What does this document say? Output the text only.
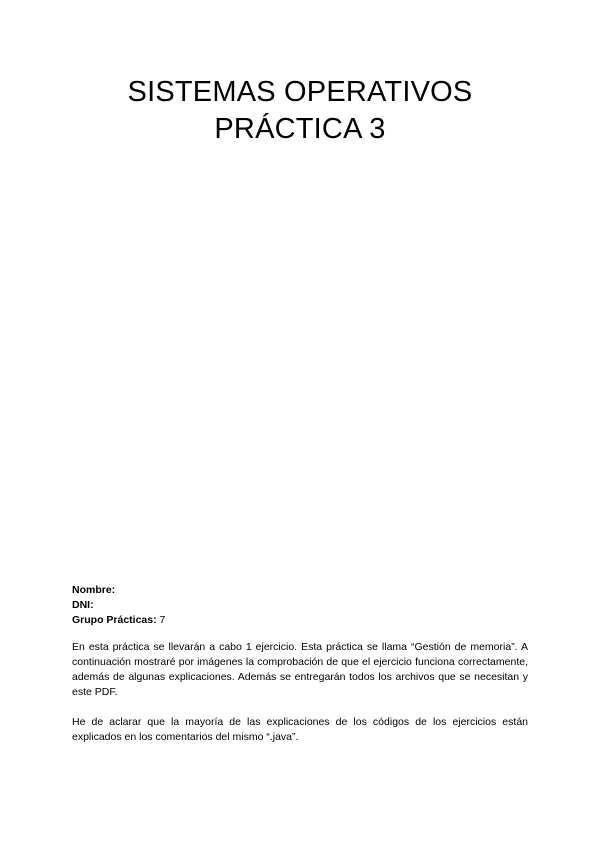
SISTEMAS OPERATIVOS

PRÁCTICA 3

Nombre:

DNI:

Grupo Prácticas: 7

En esta práctica se llevarán a cabo 1 ejercicio. Esta práctica se llama “Gestión de memoria”. A continuación mostraré por imágenes la comprobación de que el ejercicio funciona correctamente, además de algunas explicaciones. Además se entregarán todos los archivos que se necesitan y este PDF.

He de aclarar que la mayoría de las explicaciones de los códigos de los ejercicios están explicados en los comentarios del mismo “.java”.
